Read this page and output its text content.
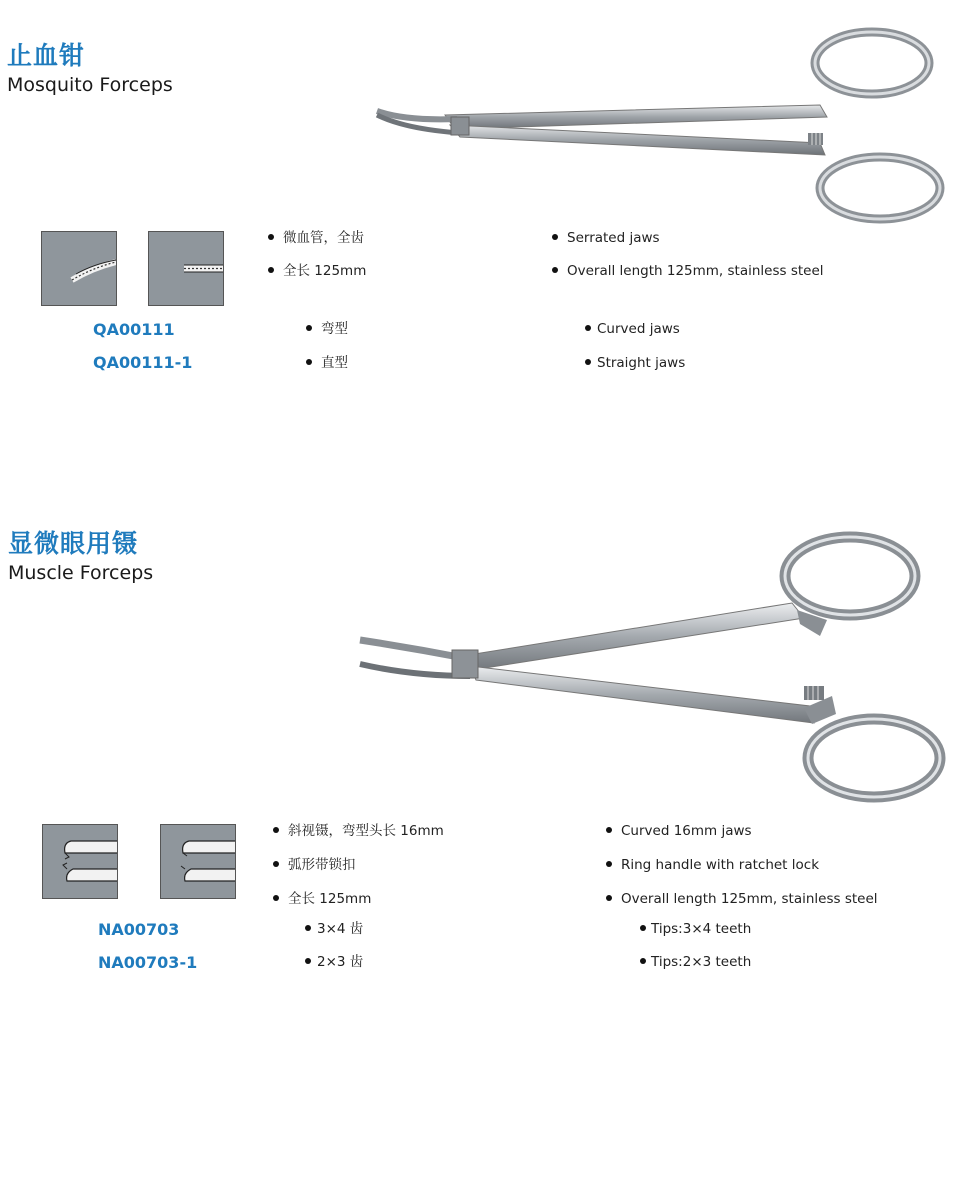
止血钳
Mosquito Forceps
QA00111
QA00111-1
微血管，全齿
全长 125mm
弯型
直型
Serrated jaws
Overall length 125mm, stainless steel
Curved jaws
Straight jaws
显微眼用镊
Muscle Forceps
NA00703
NA00703-1
斜视镊，弯型头长 16mm
弧形带锁扣
全长 125mm
3×4 齿
2×3 齿
Curved 16mm jaws
Ring handle with ratchet lock
Overall length 125mm, stainless steel
Tips:3×4 teeth
Tips:2×3 teeth
